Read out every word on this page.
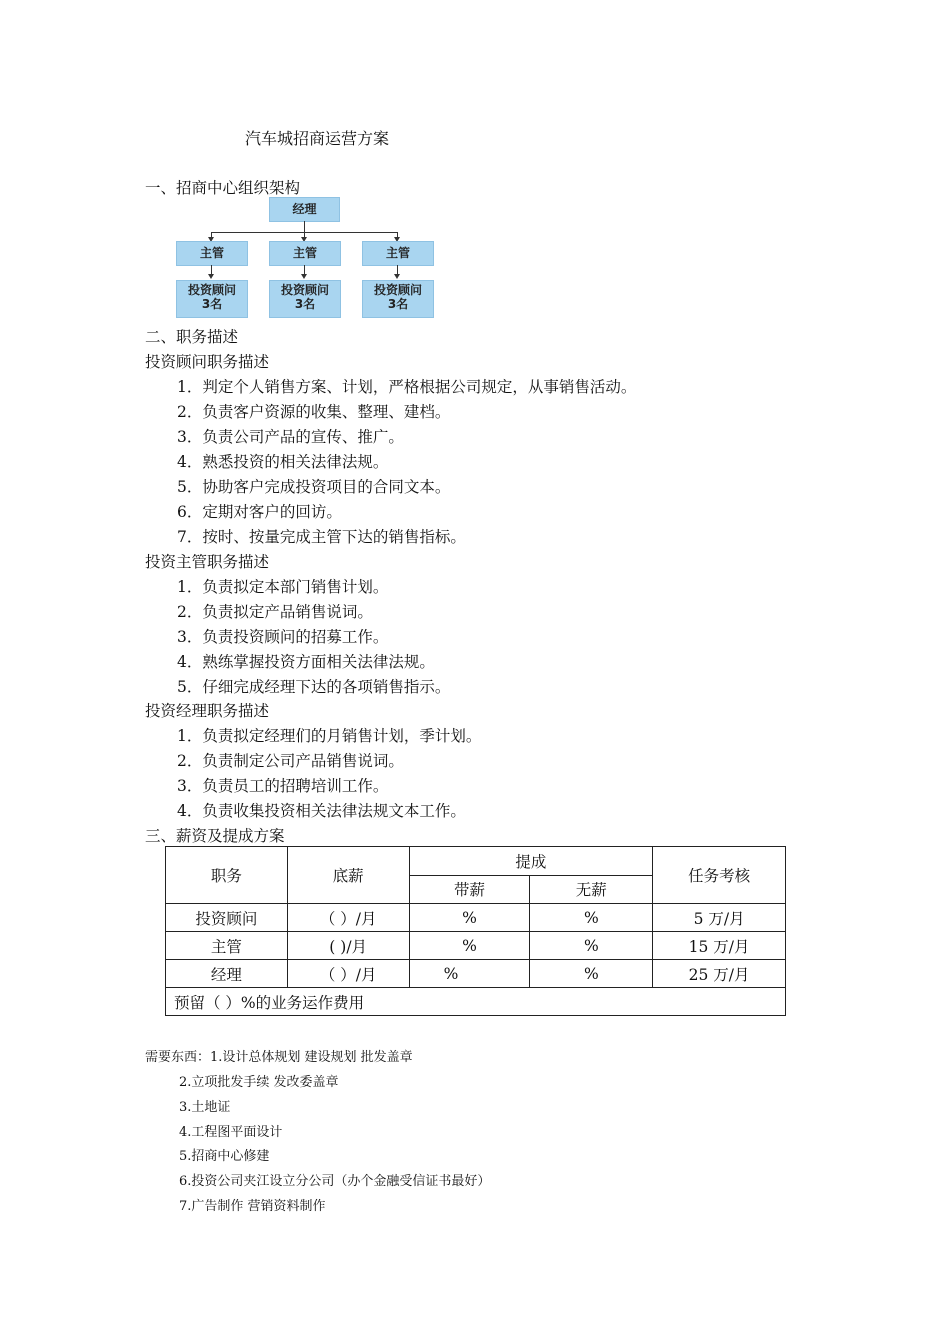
汽车城招商运营方案
一、招商中心组织架构
经理
主管	主管	主管
投资顾问
3名
投资顾问
3名
投资顾问
3名
二、职务描述
投资顾问职务描述
1．判定个人销售方案、计划，严格根据公司规定，从事销售活动。
2．负责客户资源的收集、整理、建档。
3．负责公司产品的宣传、推广。
4．熟悉投资的相关法律法规。
5．协助客户完成投资项目的合同文本。
6．定期对客户的回访。
7．按时、按量完成主管下达的销售指标。
投资主管职务描述
1．负责拟定本部门销售计划。
2．负责拟定产品销售说词。
3．负责投资顾问的招募工作。
4．熟练掌握投资方面相关法律法规。
5．仔细完成经理下达的各项销售指示。
投资经理职务描述
1．负责拟定经理们的月销售计划，季计划。
2．负责制定公司产品销售说词。
3．负责员工的招聘培训工作。
4．负责收集投资相关法律法规文本工作。
三、薪资及提成方案
职务	底薪	提成		任务考核
		带薪	无薪	
投资顾问	（ ）/月	%	%	5 万/月
主管	( )/月	%	%	15 万/月
经理	（ ）/月	%	%	25 万/月
预留（ ）%的业务运作费用				
需要东西：1.设计总体规划 建设规划 批发盖章
2.立项批发手续 发改委盖章
3.土地证
4.工程图平面设计
5.招商中心修建
6.投资公司夹江设立分公司（办个金融受信证书最好）
7.广告制作 营销资料制作
